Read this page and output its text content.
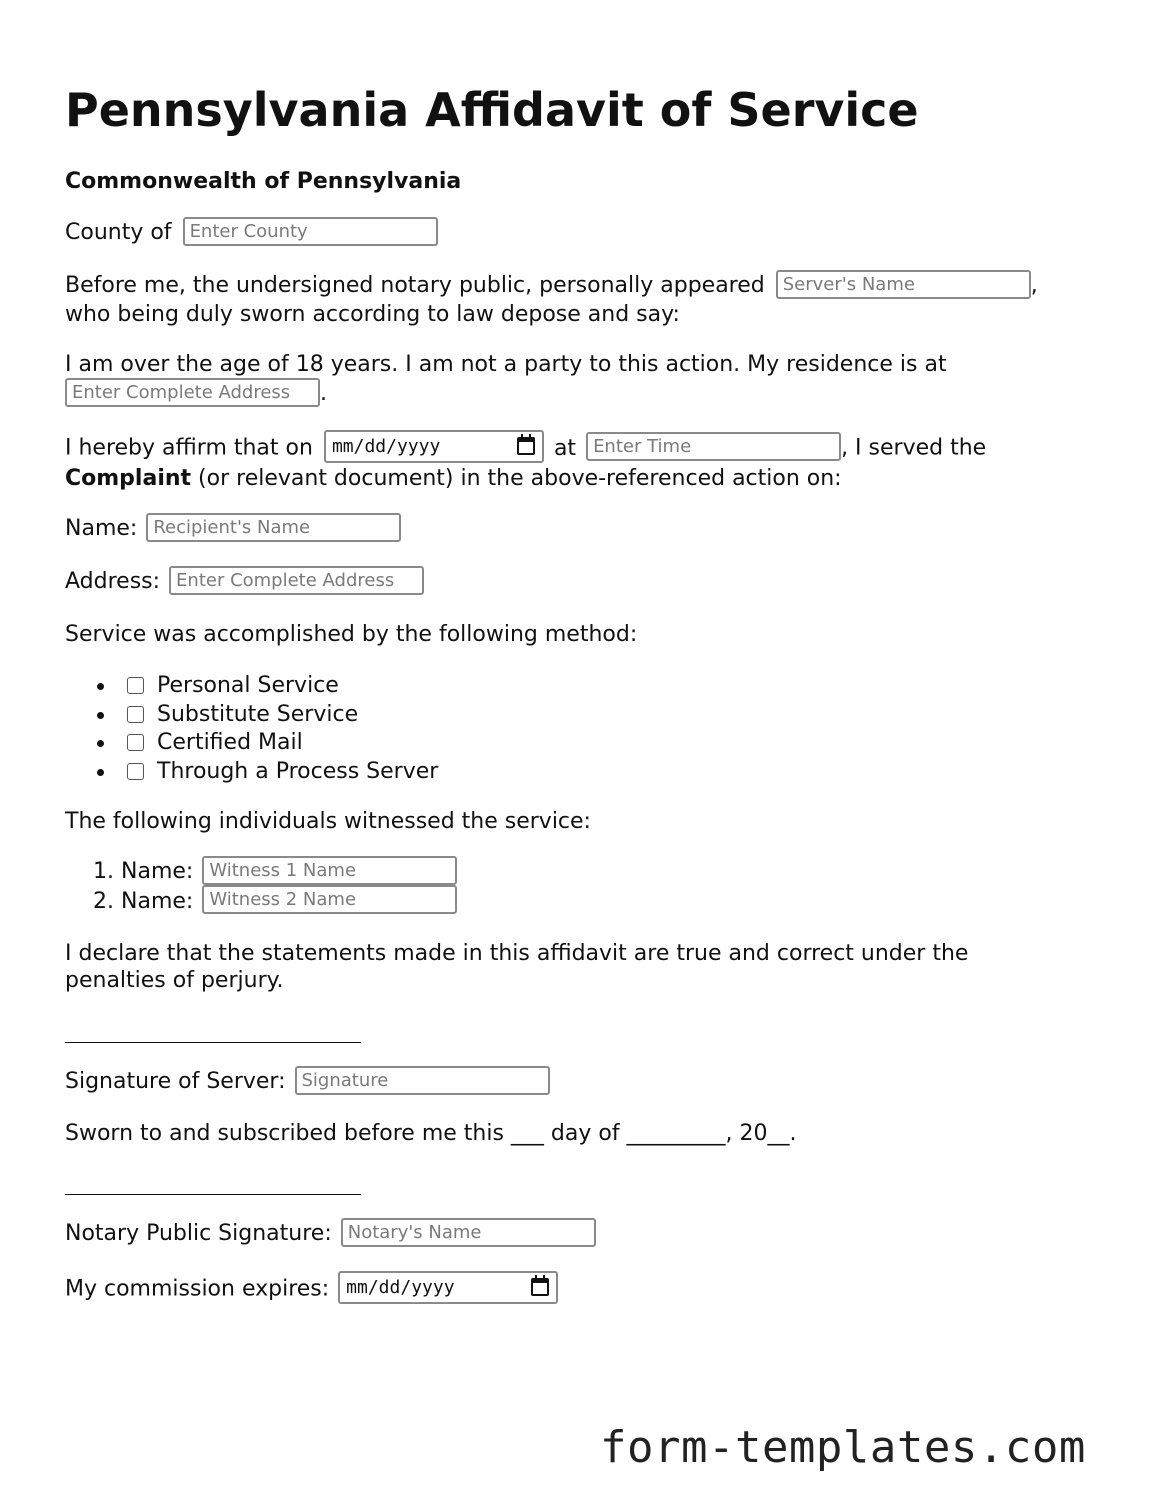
Pennsylvania Affidavit of Service
Commonwealth of Pennsylvania
County of Enter County
Before me, the undersigned notary public, personally appeared Server's Name	,
who being duly sworn according to law depose and say:
I am over the age of 18 years. I am not a party to this action. My residence is at
Enter Complete Address .
I hereby affirm that on mm/dd/yyyy	at Enter Time	, I served the
Complaint (or relevant document) in the above-referenced action on:
Name: Recipient's Name
Address: Enter Complete Address
Service was accomplished by the following method:
Personal Service
Substitute Service
Certified Mail
Through a Process Server
The following individuals witnessed the service:
1. Name: Witness 1 Name
2. Name: Witness 2 Name
I declare that the statements made in this affidavit are true and correct under the
penalties of perjury.
Signature of Server: Signature
Sworn to and subscribed before me this ___ day of _________, 20__.
Notary Public Signature: Notary's Name
My commission expires: mm/dd/yyyy
form-templates.com
